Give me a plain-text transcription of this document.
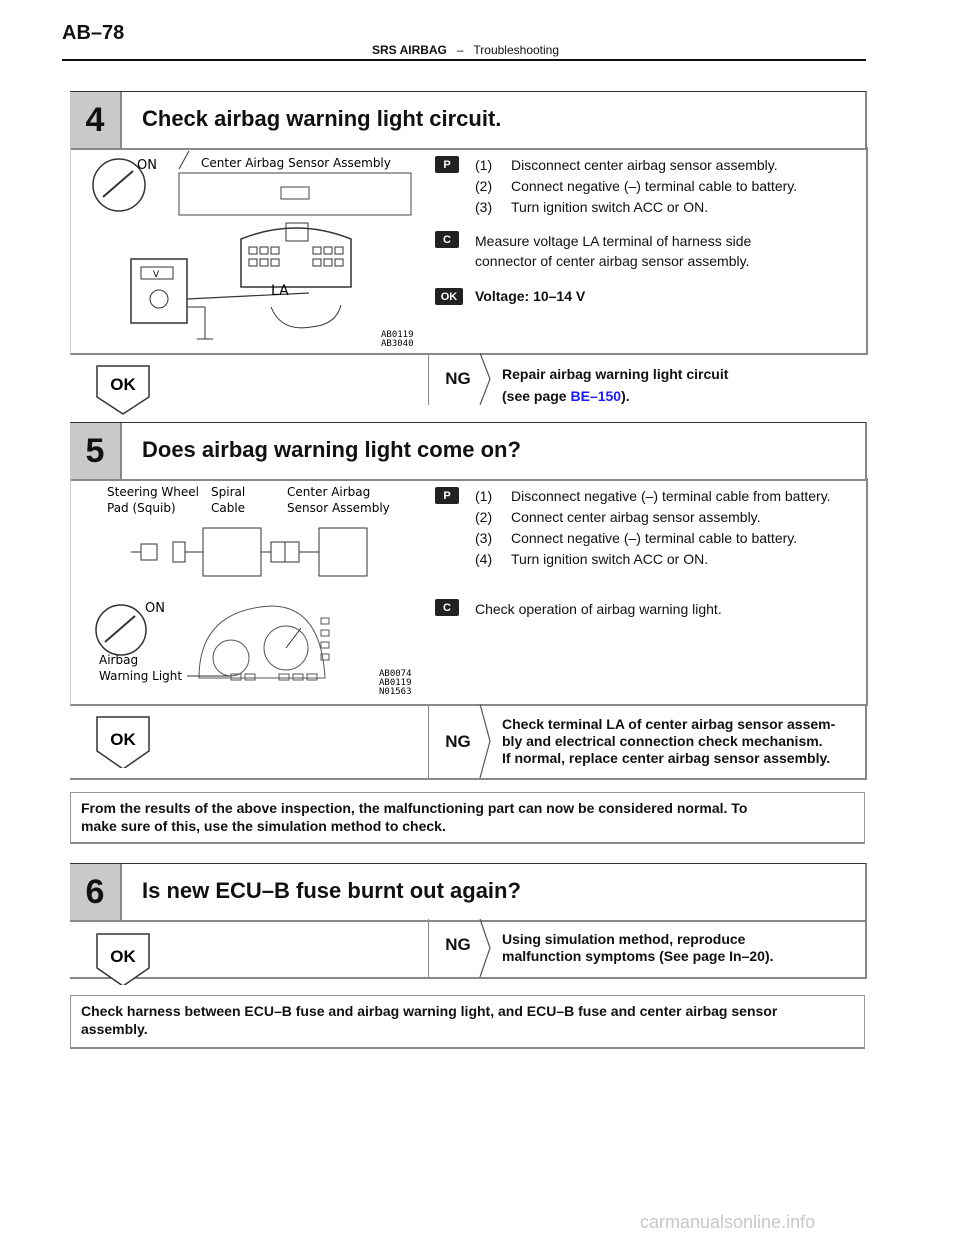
AB–78
SRS AIRBAG – Troubleshooting
4	Check airbag warning light circuit.
ON	Center Airbag Sensor Assembly
V
LA
AB0119
AB3040
P	(1) Disconnect center airbag sensor assembly.
(2) Connect negative (–) terminal cable to battery.
(3) Turn ignition switch ACC or ON.
C	Measure voltage LA terminal of harness side
connector of center airbag sensor assembly.
OK	Voltage: 10–14 V
OK	NG	Repair airbag warning light circuit
(see page BE–150).
5	Does airbag warning light come on?
Steering Wheel
Pad (Squib)
Spiral
Cable
Center Airbag
Sensor Assembly
ON
Airbag
Warning Light	AB0074
AB0119
N01563
P	(1) Disconnect negative (–) terminal cable from battery.
(2) Connect center airbag sensor assembly.
(3) Connect negative (–) terminal cable to battery.
(4) Turn ignition switch ACC or ON.
C	Check operation of airbag warning light.
OK	NG
Check terminal LA of center airbag sensor assem-
bly and electrical connection check mechanism.
If normal, replace center airbag sensor assembly.
From the results of the above inspection, the malfunctioning part can now be considered normal. To
make sure of this, use the simulation method to check.
6	Is new ECU–B fuse burnt out again?
OK
NG	Using simulation method, reproduce
malfunction symptoms (See page In–20).
Check harness between ECU–B fuse and airbag warning light, and ECU–B fuse and center airbag sensor
assembly.
carmanualsonline.info
